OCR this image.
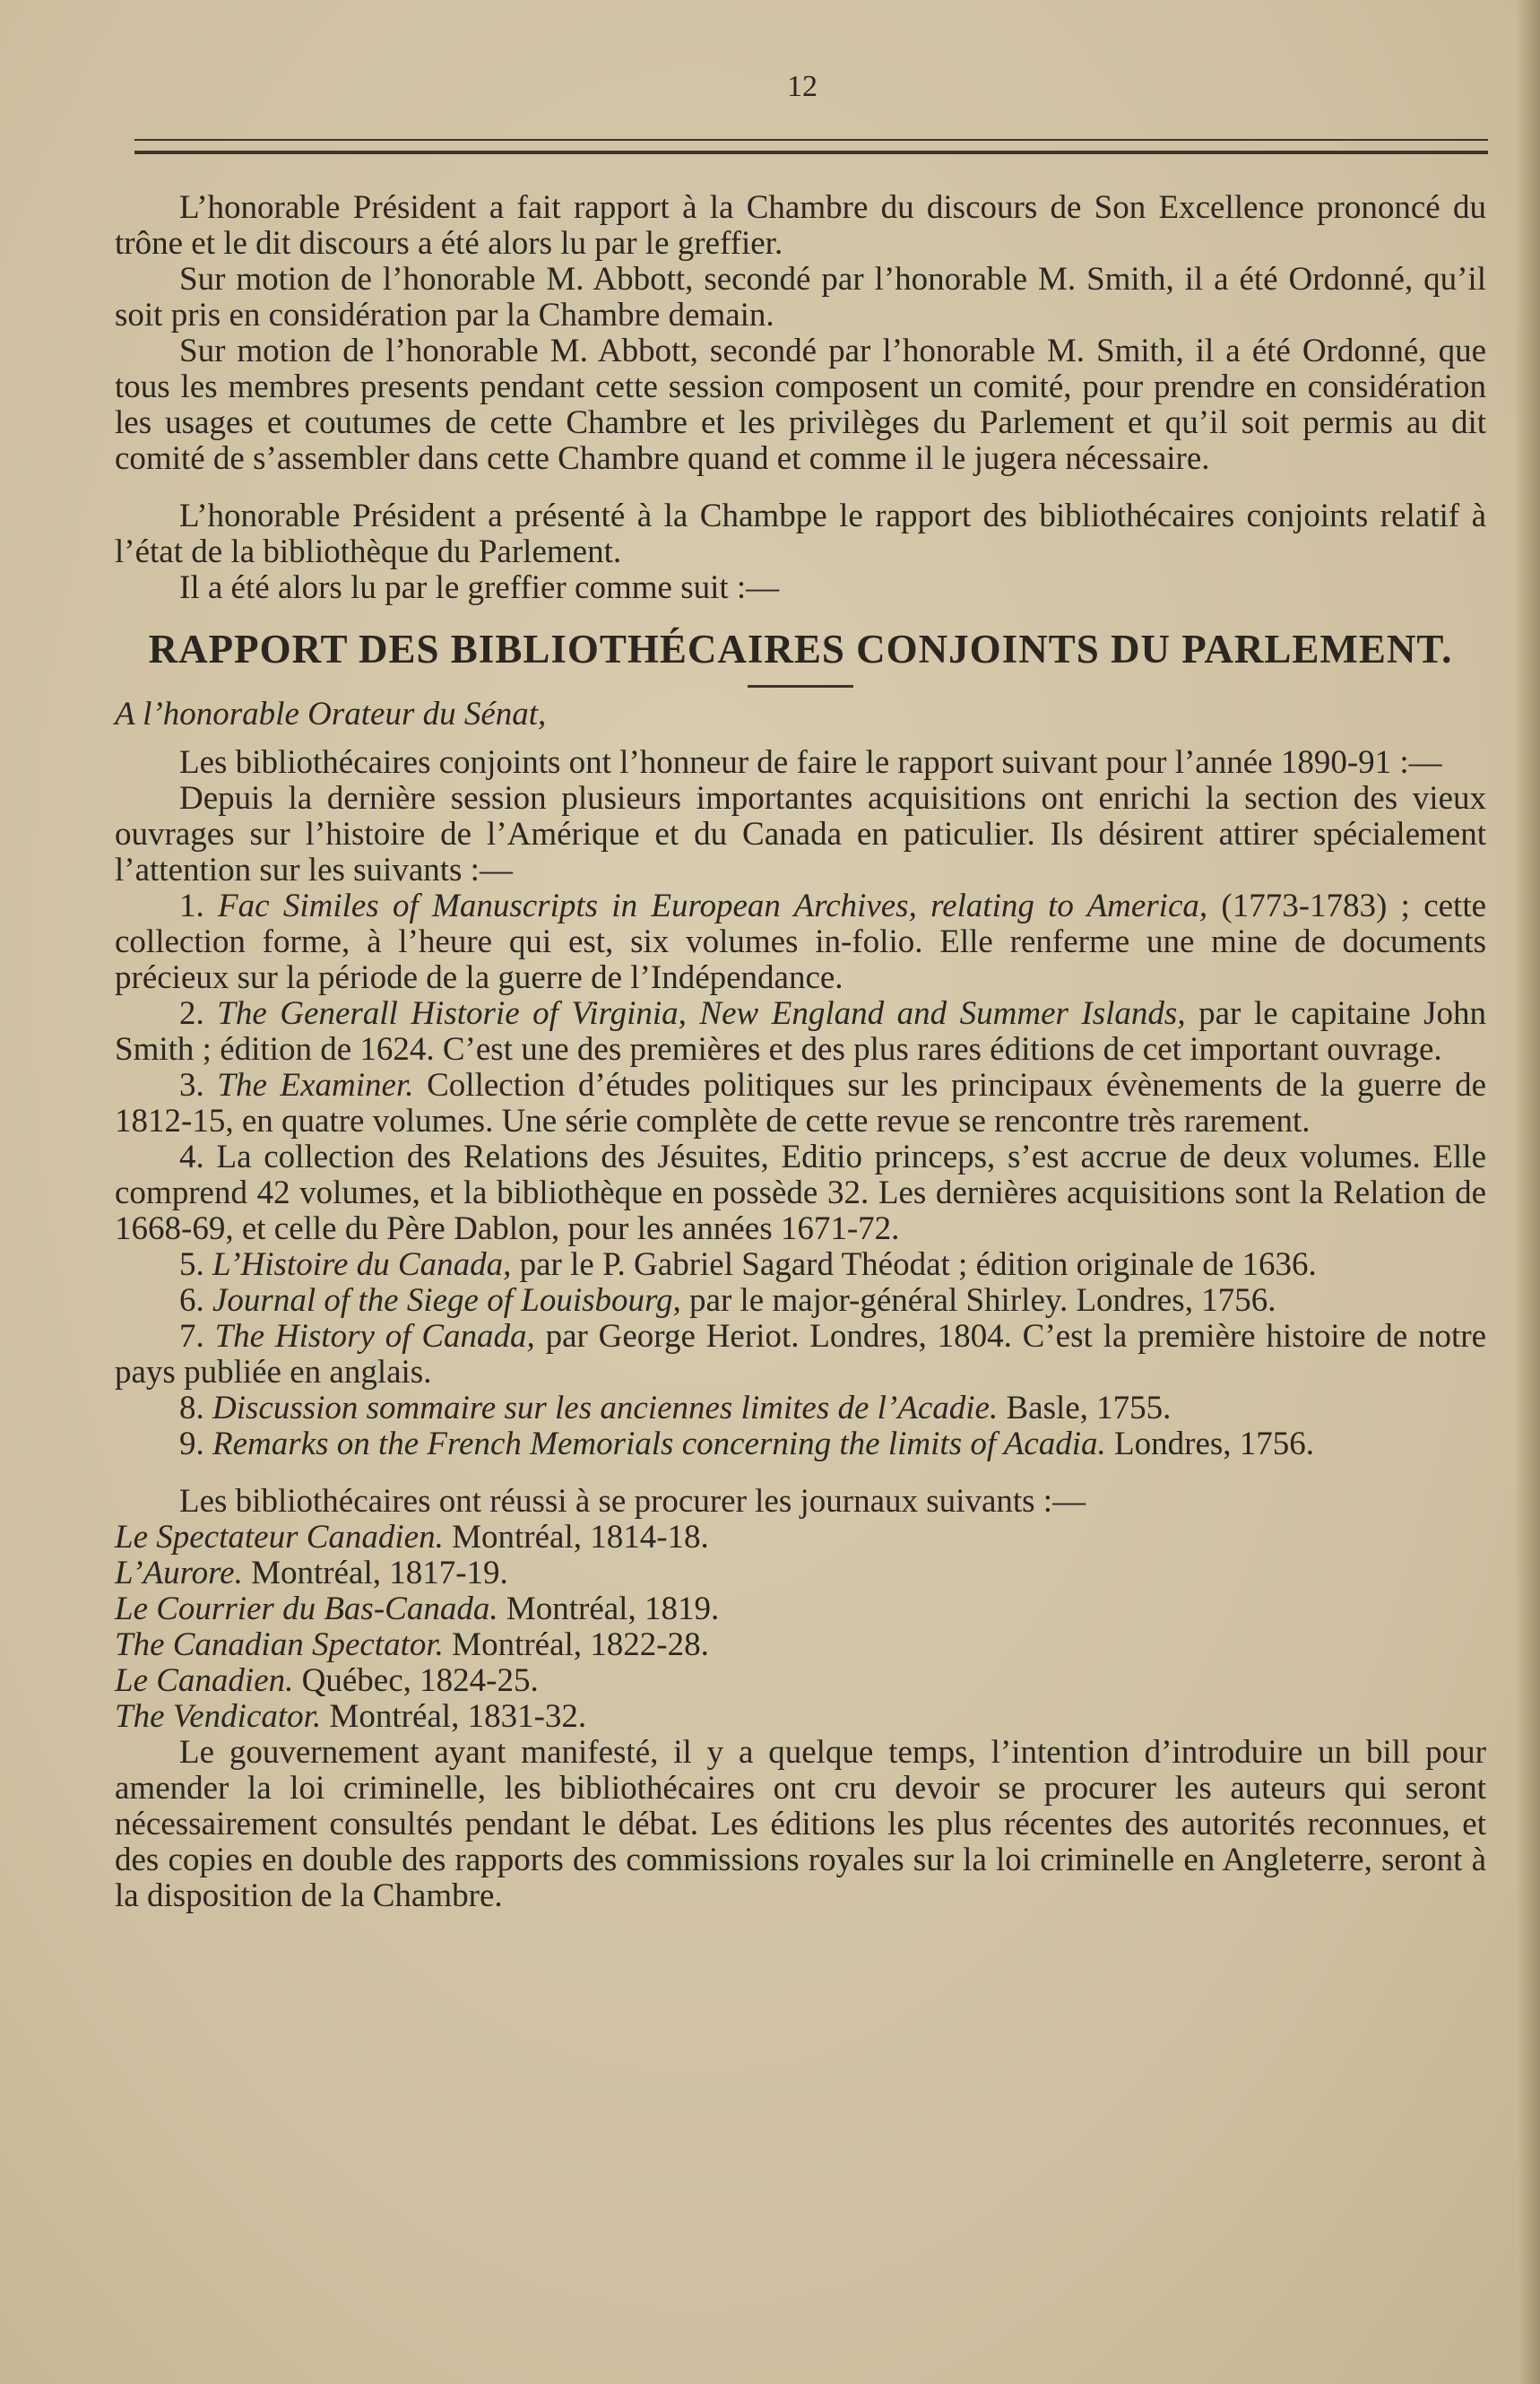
12

L’honorable Président a fait rapport à la Chambre du discours de Son Excellence prononcé du trône et le dit discours a été alors lu par le greffier.

Sur motion de l’honorable M. Abbott, secondé par l’honorable M. Smith, il a été Ordonné, qu’il soit pris en considération par la Chambre demain.

Sur motion de l’honorable M. Abbott, secondé par l’honorable M. Smith, il a été Ordonné, que tous les membres presents pendant cette session composent un comité, pour prendre en considération les usages et coutumes de cette Chambre et les privilèges du Parlement et qu’il soit permis au dit comité de s’assembler dans cette Chambre quand et comme il le jugera nécessaire.

L’honorable Président a présenté à la Chambpe le rapport des bibliothécaires conjoints relatif à l’état de la bibliothèque du Parlement.

Il a été alors lu par le greffier comme suit :—

RAPPORT DES BIBLIOTHÉCAIRES CONJOINTS DU PARLEMENT.

A l’honorable Orateur du Sénat,

Les bibliothécaires conjoints ont l’honneur de faire le rapport suivant pour l’année 1890-91 :—

Depuis la dernière session plusieurs importantes acquisitions ont enrichi la section des vieux ouvrages sur l’histoire de l’Amérique et du Canada en paticulier. Ils désirent attirer spécialement l’attention sur les suivants :—

1. Fac Similes of Manuscripts in European Archives, relating to America, (1773-1783) ; cette collection forme, à l’heure qui est, six volumes in-folio. Elle renferme une mine de documents précieux sur la période de la guerre de l’Indépendance.

2. The Generall Historie of Virginia, New England and Summer Islands, par le capitaine John Smith ; édition de 1624. C’est une des premières et des plus rares éditions de cet important ouvrage.

3. The Examiner. Collection d’études politiques sur les principaux évènements de la guerre de 1812-15, en quatre volumes. Une série complète de cette revue se rencontre très rarement.

4. La collection des Relations des Jésuites, Editio princeps, s’est accrue de deux volumes. Elle comprend 42 volumes, et la bibliothèque en possède 32. Les dernières acquisitions sont la Relation de 1668-69, et celle du Père Dablon, pour les années 1671-72.

5. L’Histoire du Canada, par le P. Gabriel Sagard Théodat ; édition originale de 1636.

6. Journal of the Siege of Louisbourg, par le major-général Shirley. Londres, 1756.

7. The History of Canada, par George Heriot. Londres, 1804. C’est la première histoire de notre pays publiée en anglais.

8. Discussion sommaire sur les anciennes limites de l’Acadie. Basle, 1755.

9. Remarks on the French Memorials concerning the limits of Acadia. Londres, 1756.

Les bibliothécaires ont réussi à se procurer les journaux suivants :—

Le Spectateur Canadien. Montréal, 1814-18.

L’Aurore. Montréal, 1817-19.

Le Courrier du Bas-Canada. Montréal, 1819.

The Canadian Spectator. Montréal, 1822-28.

Le Canadien. Québec, 1824-25.

The Vendicator. Montréal, 1831-32.

Le gouvernement ayant manifesté, il y a quelque temps, l’intention d’introduire un bill pour amender la loi criminelle, les bibliothécaires ont cru devoir se procurer les auteurs qui seront nécessairement consultés pendant le débat. Les éditions les plus récentes des autorités reconnues, et des copies en double des rapports des commissions royales sur la loi criminelle en Angleterre, seront à la disposition de la Chambre.
